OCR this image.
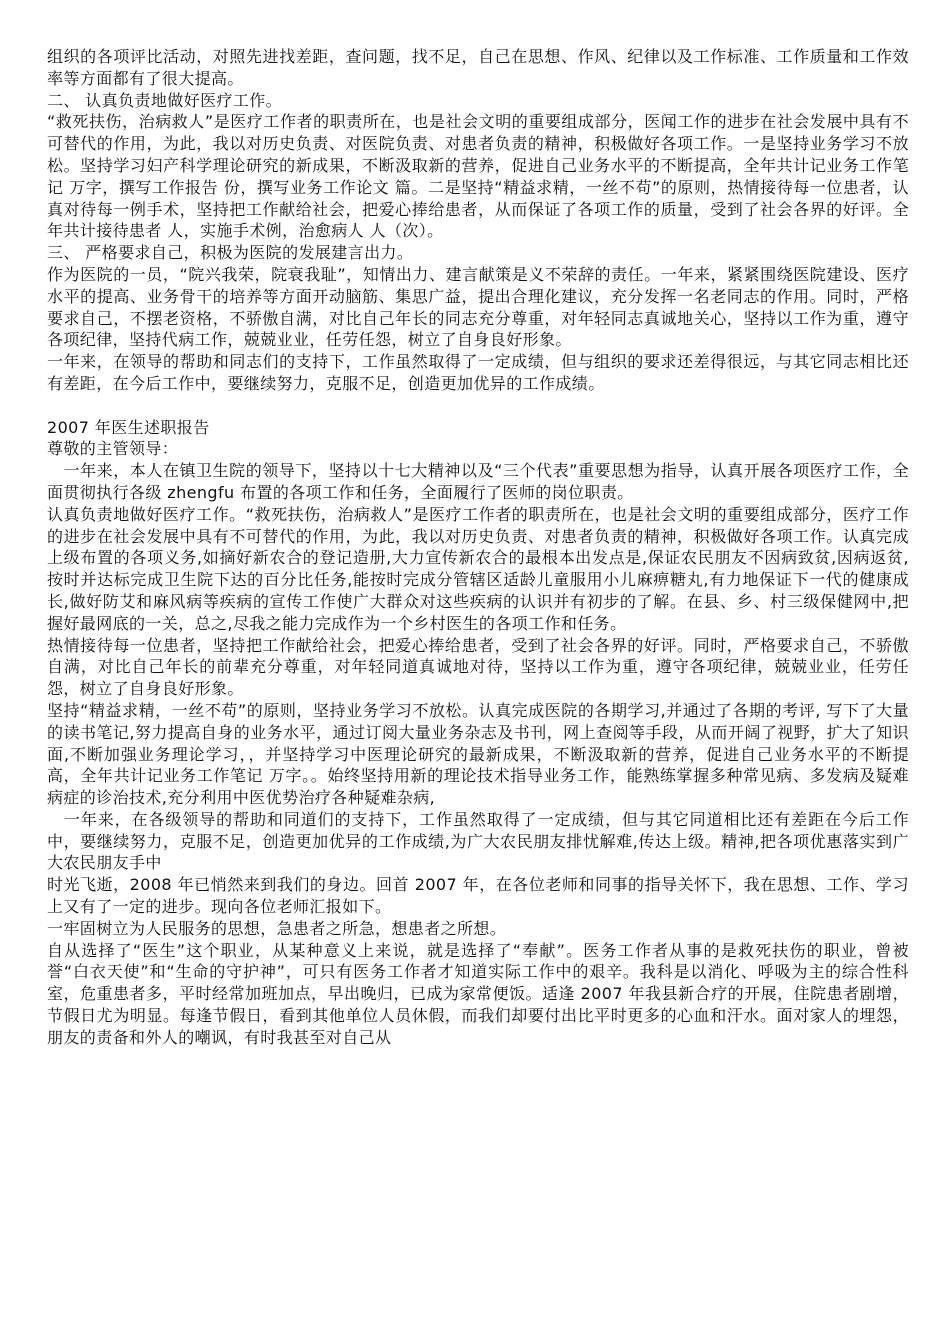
组织的各项评比活动，对照先进找差距，查问题，找不足，自己在思想、作风、纪律以及工作标准、工作质量和工作效率等方面都有了很大提高。

二、 认真负责地做好医疗工作。

“救死扶伤，治病救人”是医疗工作者的职责所在，也是社会文明的重要组成部分，医闻工作的进步在社会发展中具有不可替代的作用，为此，我以对历史负责、对医院负责、对患者负责的精神，积极做好各项工作。一是坚持业务学习不放松。坚持学习妇产科学理论研究的新成果，不断汲取新的营养，促进自己业务水平的不断提高，全年共计记业务工作笔记 万字，撰写工作报告 份，撰写业务工作论文 篇。二是坚持“精益求精，一丝不苟”的原则，热情接待每一位患者，认真对待每一例手术，坚持把工作献给社会，把爱心捧给患者，从而保证了各项工作的质量，受到了社会各界的好评。全年共计接待患者 人，实施手术例，治愈病人 人（次）。

三、 严格要求自己，积极为医院的发展建言出力。

作为医院的一员，“院兴我荣，院衰我耻”，知情出力、建言献策是义不荣辞的责任。一年来，紧紧围绕医院建设、医疗水平的提高、业务骨干的培养等方面开动脑筋、集思广益，提出合理化建议，充分发挥一名老同志的作用。同时，严格要求自己，不摆老资格，不骄傲自满，对比自己年长的同志充分尊重，对年轻同志真诚地关心，坚持以工作为重，遵守各项纪律，坚持代病工作，兢兢业业，任劳任怨，树立了自身良好形象。

一年来，在领导的帮助和同志们的支持下，工作虽然取得了一定成绩，但与组织的要求还差得很远，与其它同志相比还有差距，在今后工作中，要继续努力，克服不足，创造更加优异的工作成绩。

2007 年医生述职报告

尊敬的主管领导：

　一年来，本人在镇卫生院的领导下，坚持以十七大精神以及“三个代表”重要思想为指导，认真开展各项医疗工作，全面贯彻执行各级 zhengfu 布置的各项工作和任务，全面履行了医师的岗位职责。

认真负责地做好医疗工作。“救死扶伤，治病救人”是医疗工作者的职责所在，也是社会文明的重要组成部分，医疗工作的进步在社会发展中具有不可替代的作用，为此，我以对历史负责、对患者负责的精神，积极做好各项工作。认真完成上级布置的各项义务,如摘好新农合的登记造册,大力宣传新农合的最根本出发点是,保证农民朋友不因病致贫,因病返贫,按时并达标完成卫生院下达的百分比任务,能按时完成分管辖区适龄儿童服用小儿麻痹糖丸,有力地保证下一代的健康成长,做好防艾和麻风病等疾病的宣传工作使广大群众对这些疾病的认识并有初步的了解。在县、乡、村三级保健网中,把握好最网底的一关，总之,尽我之能力完成作为一个乡村医生的各项工作和任务。

热情接待每一位患者，坚持把工作献给社会，把爱心捧给患者，受到了社会各界的好评。同时，严格要求自己，不骄傲自满，对比自己年长的前辈充分尊重，对年轻同道真诚地对待，坚持以工作为重，遵守各项纪律，兢兢业业，任劳任怨，树立了自身良好形象。

坚持“精益求精，一丝不苟”的原则，坚持业务学习不放松。认真完成医院的各期学习,并通过了各期的考评, 写下了大量的读书笔记,努力提高自身的业务水平，通过订阅大量业务杂志及书刊，网上查阅等手段，从而开阔了视野，扩大了知识面,不断加强业务理论学习，，并坚持学习中医理论研究的最新成果，不断汲取新的营养，促进自己业务水平的不断提高，全年共计记业务工作笔记 万字。。始终坚持用新的理论技术指导业务工作，能熟练掌握多种常见病、多发病及疑难病症的诊治技术,充分利用中医优势治疗各种疑难杂病,

　一年来，在各级领导的帮助和同道们的支持下，工作虽然取得了一定成绩，但与其它同道相比还有差距在今后工作中，要继续努力，克服不足，创造更加优异的工作成绩,为广大农民朋友排忧解难,传达上级。精神,把各项优惠落实到广大农民朋友手中

时光飞逝，2008 年已悄然来到我们的身边。回首 2007 年，在各位老师和同事的指导关怀下，我在思想、工作、学习上又有了一定的进步。现向各位老师汇报如下。

一牢固树立为人民服务的思想，急患者之所急，想患者之所想。

自从选择了“医生”这个职业，从某种意义上来说，就是选择了“奉献”。医务工作者从事的是救死扶伤的职业，曾被誉“白衣天使”和“生命的守护神”，可只有医务工作者才知道实际工作中的艰辛。我科是以消化、呼吸为主的综合性科室，危重患者多，平时经常加班加点，早出晚归，已成为家常便饭。适逢 2007 年我县新合疗的开展，住院患者剧增，节假日尤为明显。每逢节假日，看到其他单位人员休假，而我们却要付出比平时更多的心血和汗水。面对家人的埋怨，朋友的责备和外人的嘲讽，有时我甚至对自己从
